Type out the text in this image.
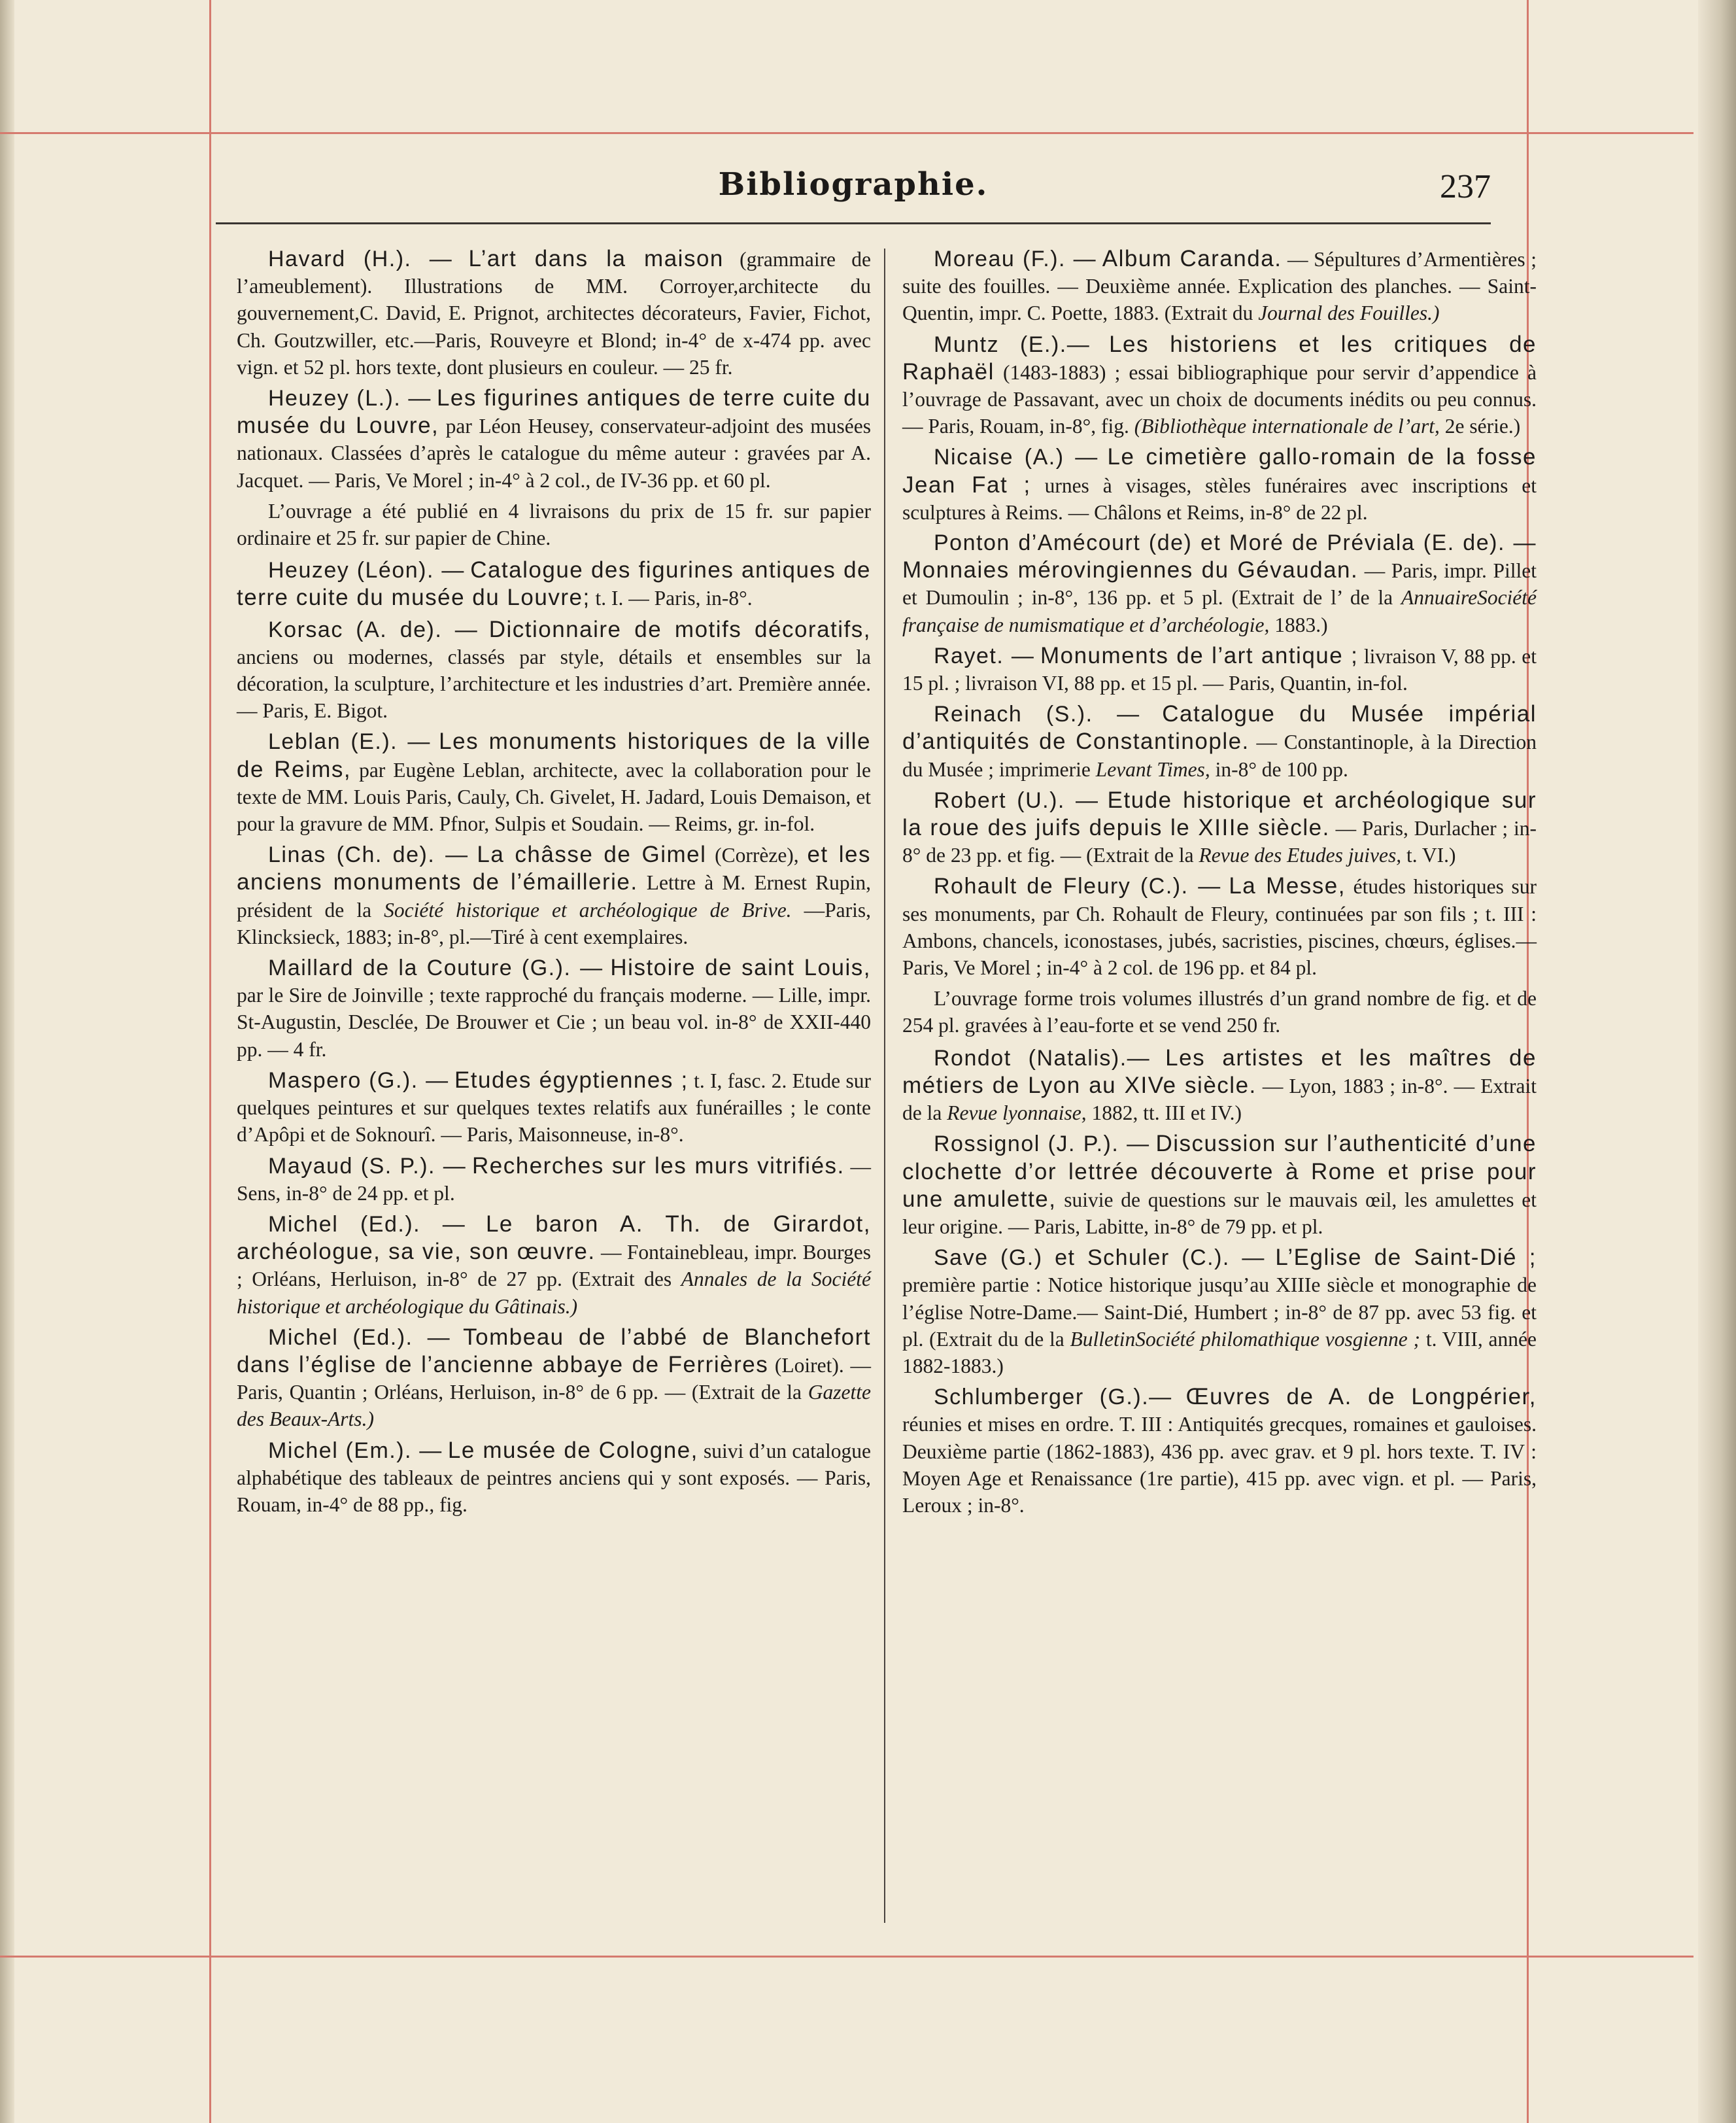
Bibliographie.	237

Havard (H.). — L’art dans la maison (grammaire de l’ameublement). Illustrations de MM. Corroyer,architecte du gouvernement,C. David, E. Prignot, architectes décorateurs, Favier, Fichot, Ch. Goutzwiller, etc.—Paris, Rouveyre et Blond; in-4° de x-474 pp. avec vign. et 52 pl. hors texte, dont plusieurs en couleur. — 25 fr.

Heuzey (L.). — Les figurines antiques de terre cuite du musée du Louvre, par Léon Heusey, conservateur-adjoint des musées nationaux. Classées d’après le catalogue du même auteur : gravées par A. Jacquet. — Paris, Ve Morel ; in-4° à 2 col., de IV-36 pp. et 60 pl.

L’ouvrage a été publié en 4 livraisons du prix de 15 fr. sur papier ordinaire et 25 fr. sur papier de Chine.

Heuzey (Léon). — Catalogue des figurines antiques de terre cuite du musée du Louvre; t. I. — Paris, in-8°.

Korsac (A. de). — Dictionnaire de motifs décoratifs, anciens ou modernes, classés par style, détails et ensembles sur la décoration, la sculpture, l’architecture et les industries d’art. Première année.— Paris, E. Bigot.

Leblan (E.). — Les monuments historiques de la ville de Reims, par Eugène Leblan, architecte, avec la collaboration pour le texte de MM. Louis Paris, Cauly, Ch. Givelet, H. Jadard, Louis Demaison, et pour la gravure de MM. Pfnor, Sulpis et Soudain. — Reims, gr. in-fol.

Linas (Ch. de). — La châsse de Gimel (Corrèze), et les anciens monuments de l’émaillerie. Lettre à M. Ernest Rupin, président de la Société historique et archéologique de Brive. —Paris, Klincksieck, 1883; in-8°, pl.—Tiré à cent exemplaires.

Maillard de la Couture (G.). — Histoire de saint Louis, par le Sire de Joinville ; texte rapproché du français moderne. — Lille, impr. St-Augustin, Desclée, De Brouwer et Cie ; un beau vol. in-8° de XXII-440 pp. — 4 fr.

Maspero (G.). — Etudes égyptiennes ; t. I, fasc. 2. Etude sur quelques peintures et sur quelques textes relatifs aux funérailles ; le conte d’Apôpi et de Soknourî. — Paris, Maisonneuse, in-8°.

Mayaud (S. P.). — Recherches sur les murs vitrifiés. — Sens, in-8° de 24 pp. et pl.

Michel (Ed.). — Le baron A. Th. de Girardot, archéologue, sa vie, son œuvre. — Fontainebleau, impr. Bourges ; Orléans, Herluison, in-8° de 27 pp. (Extrait des Annales de la Société historique et archéologique du Gâtinais.)

Michel (Ed.). — Tombeau de l’abbé de Blanchefort dans l’église de l’ancienne abbaye de Ferrières (Loiret). — Paris, Quantin ; Orléans, Herluison, in-8° de 6 pp. — (Extrait de la Gazette des Beaux-Arts.)

Michel (Em.). — Le musée de Cologne, suivi d’un catalogue alphabétique des tableaux de peintres anciens qui y sont exposés. — Paris, Rouam, in-4° de 88 pp., fig.

Moreau (F.). — Album Caranda. — Sépultures d’Armentières ; suite des fouilles. — Deuxième année. Explication des planches. — Saint-Quentin, impr. C. Poette, 1883. (Extrait du Journal des Fouilles.)

Muntz (E.).— Les historiens et les critiques de Raphaël (1483-1883) ; essai bibliographique pour servir d’appendice à l’ouvrage de Passavant, avec un choix de documents inédits ou peu connus. — Paris, Rouam, in-8°, fig. (Bibliothèque internationale de l’art, 2e série.)

Nicaise (A.) — Le cimetière gallo-romain de la fosse Jean Fat ; urnes à visages, stèles funéraires avec inscriptions et sculptures à Reims. — Châlons et Reims, in-8° de 22 pl.

Ponton d’Amécourt (de) et Moré de Préviala (E. de). — Monnaies mérovingiennes du Gévaudan. — Paris, impr. Pillet et Dumoulin ; in-8°, 136 pp. et 5 pl. (Extrait de l’ de la AnnuaireSociété française de numismatique et d’archéologie, 1883.)

Rayet. — Monuments de l’art antique ; livraison V, 88 pp. et 15 pl. ; livraison VI, 88 pp. et 15 pl. — Paris, Quantin, in-fol.

Reinach (S.). — Catalogue du Musée impérial d’antiquités de Constantinople. — Constantinople, à la Direction du Musée ; imprimerie Levant Times, in-8° de 100 pp.

Robert (U.). — Etude historique et archéologique sur la roue des juifs depuis le XIIIe siècle. — Paris, Durlacher ; in-8° de 23 pp. et fig. — (Extrait de la Revue des Etudes juives, t. VI.)

Rohault de Fleury (C.). — La Messe, études historiques sur ses monuments, par Ch. Rohault de Fleury, continuées par son fils ; t. III : Ambons, chancels, iconostases, jubés, sacristies, piscines, chœurs, églises.— Paris, Ve Morel ; in-4° à 2 col. de 196 pp. et 84 pl.

L’ouvrage forme trois volumes illustrés d’un grand nombre de fig. et de 254 pl. gravées à l’eau-forte et se vend 250 fr.

Rondot (Natalis).— Les artistes et les maîtres de métiers de Lyon au XIVe siècle. — Lyon, 1883 ; in-8°. — Extrait de la Revue lyonnaise, 1882, tt. III et IV.)

Rossignol (J. P.). — Discussion sur l’authenticité d’une clochette d’or lettrée découverte à Rome et prise pour une amulette, suivie de questions sur le mauvais œil, les amulettes et leur origine. — Paris, Labitte, in-8° de 79 pp. et pl.

Save (G.) et Schuler (C.). — L’Eglise de Saint-Dié ; première partie : Notice historique jusqu’au XIIIe siècle et monographie de l’église Notre-Dame.— Saint-Dié, Humbert ; in-8° de 87 pp. avec 53 fig. et pl. (Extrait du de la BulletinSociété philomathique vosgienne ; t. VIII, année 1882-1883.)

Schlumberger (G.).— Œuvres de A. de Longpérier, réunies et mises en ordre. T. III : Antiquités grecques, romaines et gauloises. Deuxième partie (1862-1883), 436 pp. avec grav. et 9 pl. hors texte. T. IV : Moyen Age et Renaissance (1re partie), 415 pp. avec vign. et pl. — Paris, Leroux ; in-8°.
